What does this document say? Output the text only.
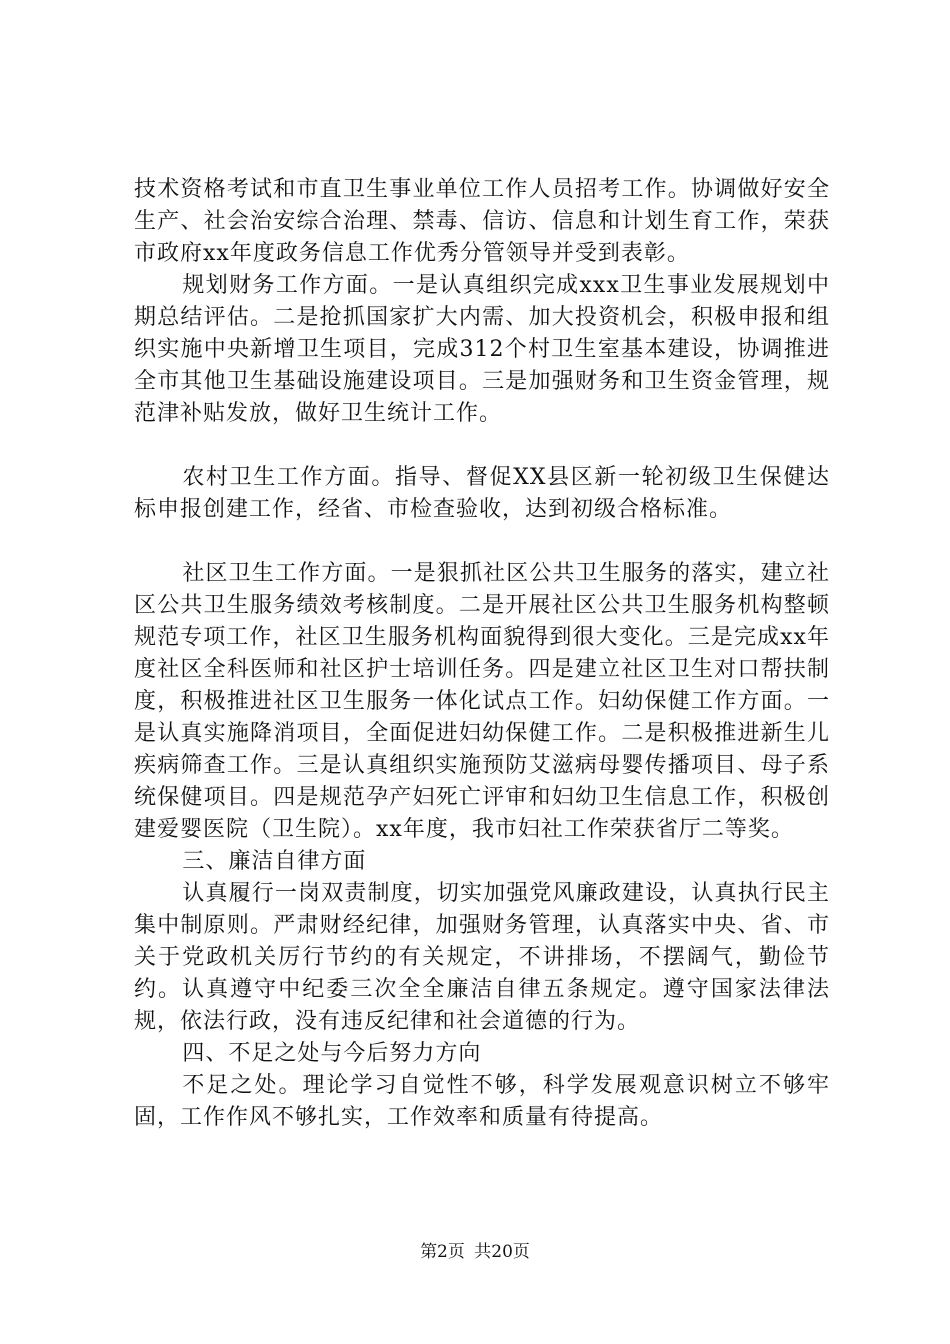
技术资格考试和市直卫生事业单位工作人员招考工作。协调做好安全生产、社会治安综合治理、禁毒、信访、信息和计划生育工作，荣获市政府xx年度政务信息工作优秀分管领导并受到表彰。

规划财务工作方面。一是认真组织完成xxx卫生事业发展规划中期总结评估。二是抢抓国家扩大内需、加大投资机会，积极申报和组织实施中央新增卫生项目，完成312个村卫生室基本建设，协调推进全市其他卫生基础设施建设项目。三是加强财务和卫生资金管理，规范津补贴发放，做好卫生统计工作。

农村卫生工作方面。指导、督促XX县区新一轮初级卫生保健达标申报创建工作，经省、市检查验收，达到初级合格标准。

社区卫生工作方面。一是狠抓社区公共卫生服务的落实，建立社区公共卫生服务绩效考核制度。二是开展社区公共卫生服务机构整顿规范专项工作，社区卫生服务机构面貌得到很大变化。三是完成xx年度社区全科医师和社区护士培训任务。四是建立社区卫生对口帮扶制度，积极推进社区卫生服务一体化试点工作。妇幼保健工作方面。一是认真实施降消项目，全面促进妇幼保健工作。二是积极推进新生儿疾病筛查工作。三是认真组织实施预防艾滋病母婴传播项目、母子系统保健项目。四是规范孕产妇死亡评审和妇幼卫生信息工作，积极创建爱婴医院（卫生院）。xx年度，我市妇社工作荣获省厅二等奖。

三、廉洁自律方面

认真履行一岗双责制度，切实加强党风廉政建设，认真执行民主集中制原则。严肃财经纪律，加强财务管理，认真落实中央、省、市关于党政机关厉行节约的有关规定，不讲排场，不摆阔气，勤俭节约。认真遵守中纪委三次全全廉洁自律五条规定。遵守国家法律法规，依法行政，没有违反纪律和社会道德的行为。

四、不足之处与今后努力方向

不足之处。理论学习自觉性不够，科学发展观意识树立不够牢固，工作作风不够扎实，工作效率和质量有待提高。

第2页 共20页
